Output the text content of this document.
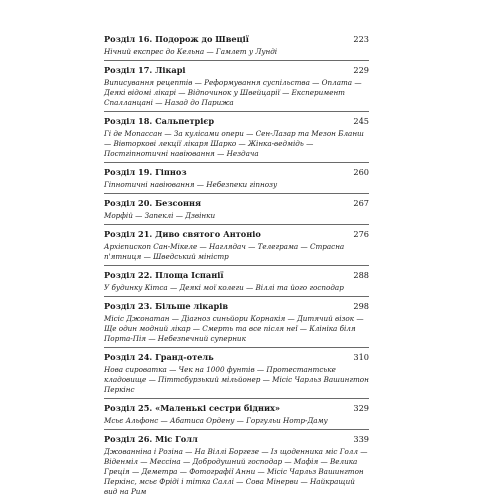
Розділ 16. Подорож до Швеції	223
Нічний експрес до Кельна — Гамлет у Лунді
Розділ 17. Лікарі	229
Виписування рецептів — Реформування суспільства — Оплата — Деякі відомі лікарі — Відпочинок у Швейцарії — Експеримент Спалланцані — Назад до Парижа
Розділ 18. Сальпетрієр	245
Гі де Мопассан — За кулісами опери — Сен-Лазар та Мезон Бланш — Вівторкові лекції лікаря Шарко — Жінка-ведмідь — Постгіпнотичні навіювання — Нездача
Розділ 19. Гіпноз	260
Гіпнотичні навіювання — Небезпеки гіпнозу
Розділ 20. Безсоння	267
Морфій — Запеклі — Дзвінки
Розділ 21. Диво святого Антоніо	276
Архієпископ Сан-Мікеле — Наглядач — Телеграма — Страсна п'ятниця — Шведський міністр
Розділ 22. Площа Іспанії	288
У будинку Кітса — Деякі мої колеги — Віллі та його господар
Розділ 23. Більше лікарів	298
Місіс Джонатан — Діагноз синьйори Корнакія — Дитячий візок — Ще один модний лікар — Смерть та все після неї — Клініка біля Порта-Пія — Небезпечний суперник
Розділ 24. Гранд-отель	310
Нова сироватка — Чек на 1000 фунтів — Протестантське кладовище — Піттсбурзький мільйонер — Місіс Чарльз Вашингтон Перкінс
Розділ 25. «Маленькі сестри бідних»	329
Мсьє Альфонс — Абатиса Ордену — Горгульи Нотр-Даму
Розділ 26. Міс Голл	339
Джованніна і Розіна — На Віллі Боргезе — Із щоденника міс Голл — Віденміл — Мессіна — Добродушний господар — Мафія — Велика Греція — Деметра — Фотографії Анни — Місіс Чарльз Вашингтон Перкінс, мсьє Фріді і тітка Саллі — Сова Мінерви — Найкращий вид на Рим
